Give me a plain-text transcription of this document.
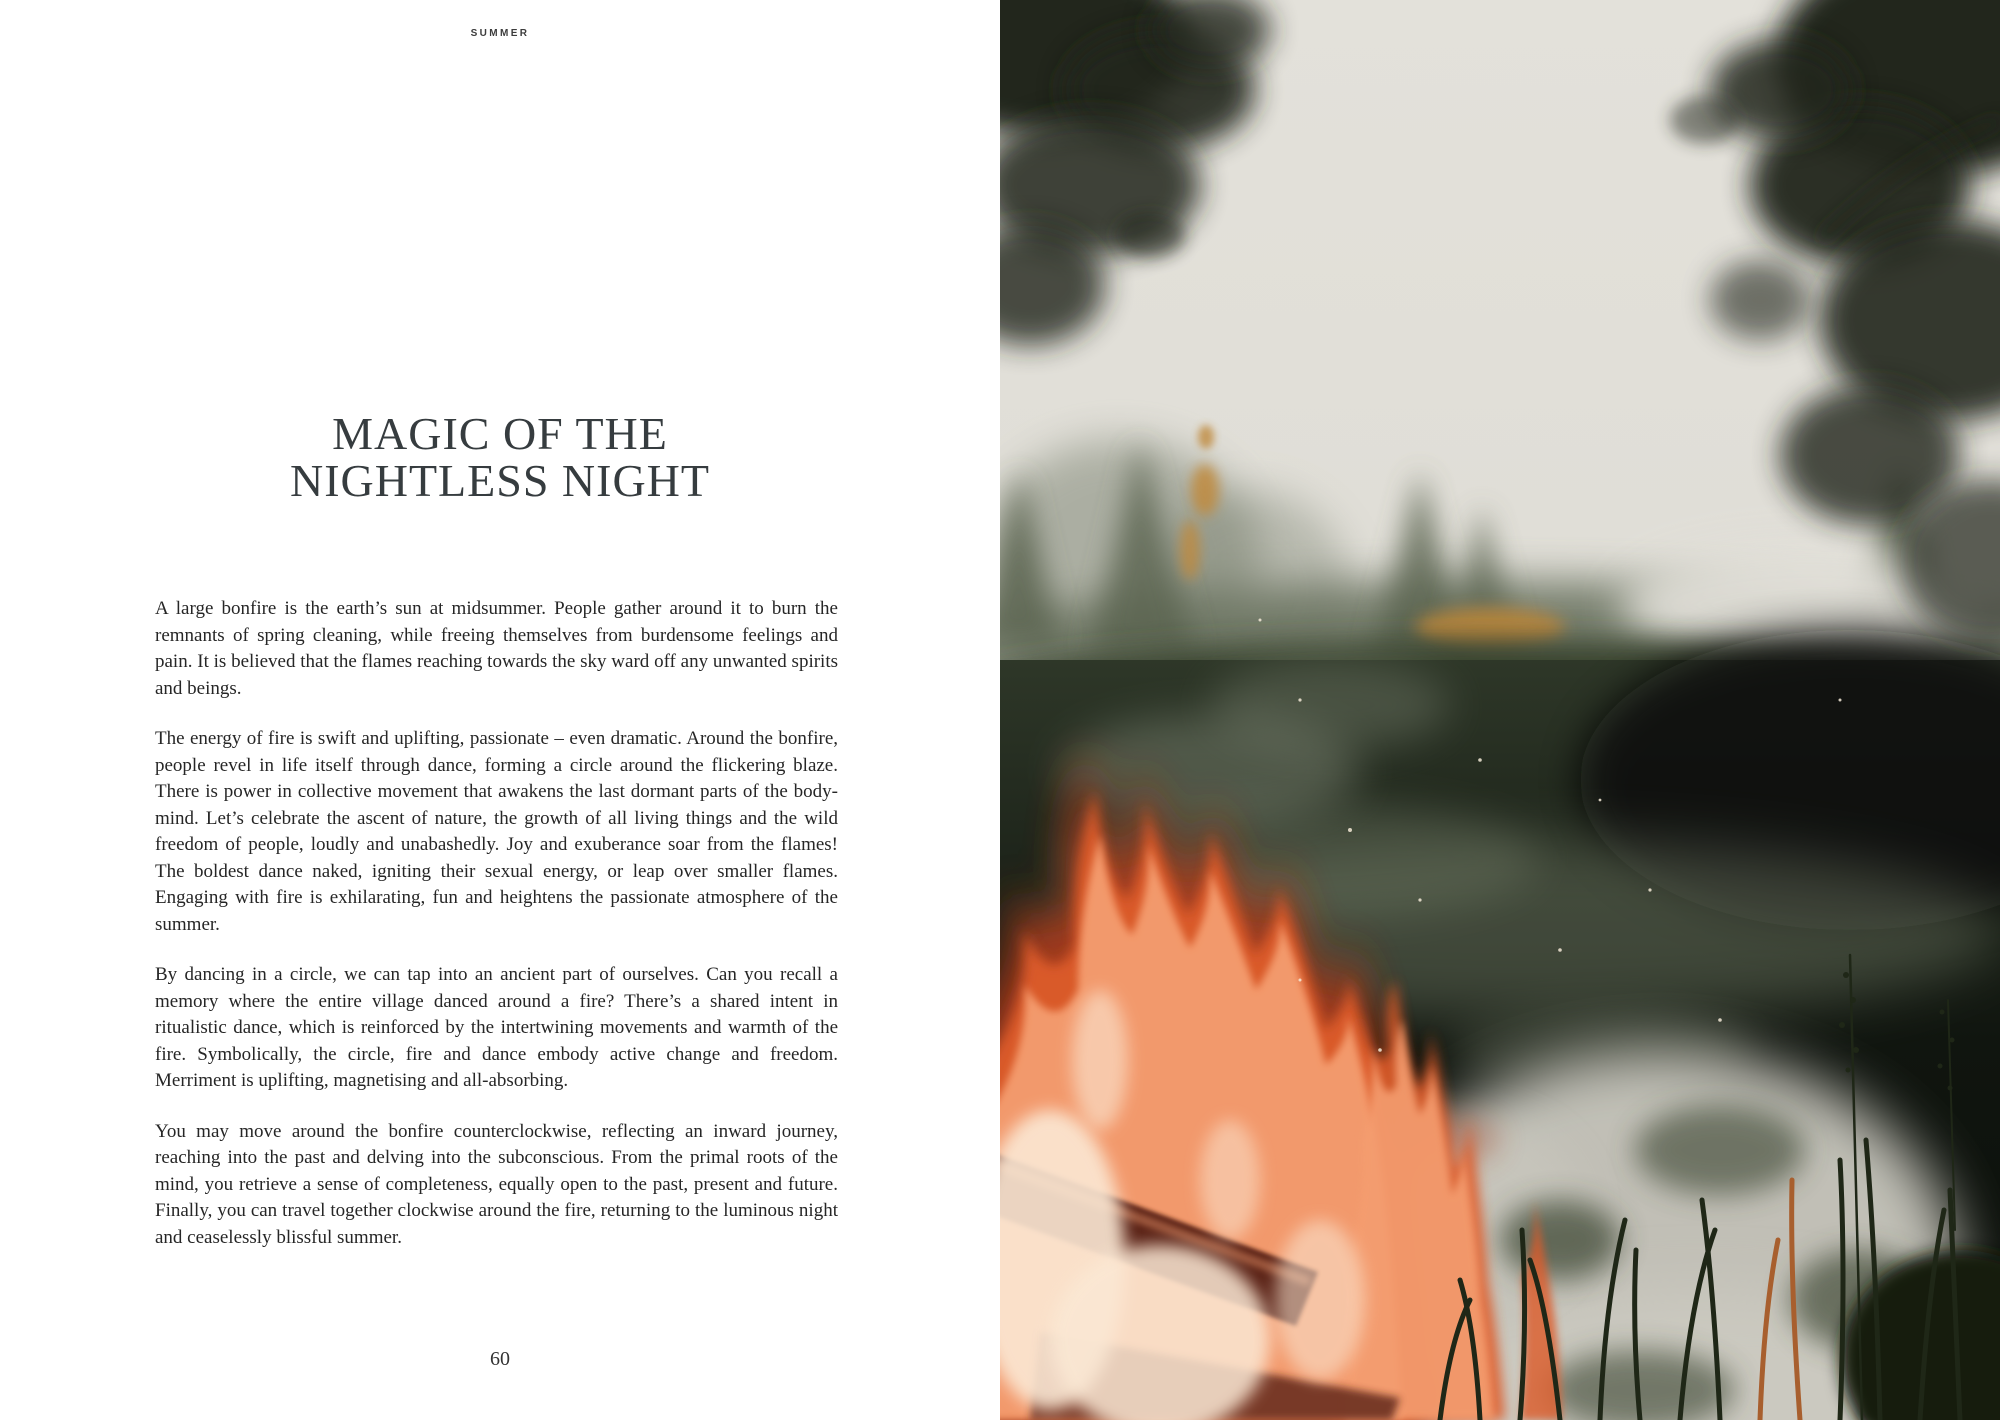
SUMMER
MAGIC OF THE
NIGHTLESS NIGHT

A large bonfire is the earth’s sun at midsummer. People gather around it to burn the remnants of spring cleaning, while freeing themselves from burdensome feelings and pain. It is believed that the flames reaching towards the sky ward off any unwanted spirits and beings.

The energy of fire is swift and uplifting, passionate – even dramatic. Around the bonfire, people revel in life itself through dance, forming a circle around the flickering blaze. There is power in collective movement that awakens the last dormant parts of the body-mind. Let’s celebrate the ascent of nature, the growth of all living things and the wild freedom of people, loudly and unabashedly. Joy and exuberance soar from the flames! The boldest dance naked, igniting their sexual energy, or leap over smaller flames. Engaging with fire is exhilarating, fun and heightens the passionate atmosphere of the summer.

By dancing in a circle, we can tap into an ancient part of ourselves. Can you recall a memory where the entire village danced around a fire? There’s a shared intent in ritualistic dance, which is reinforced by the intertwining movements and warmth of the fire. Symbolically, the circle, fire and dance embody active change and freedom. Merriment is uplifting, magnetising and all-absorbing.

You may move around the bonfire counterclockwise, reflecting an inward journey, reaching into the past and delving into the subconscious. From the primal roots of the mind, you retrieve a sense of completeness, equally open to the past, present and future. Finally, you can travel together clockwise around the fire, returning to the luminous night and ceaselessly blissful summer.

60
